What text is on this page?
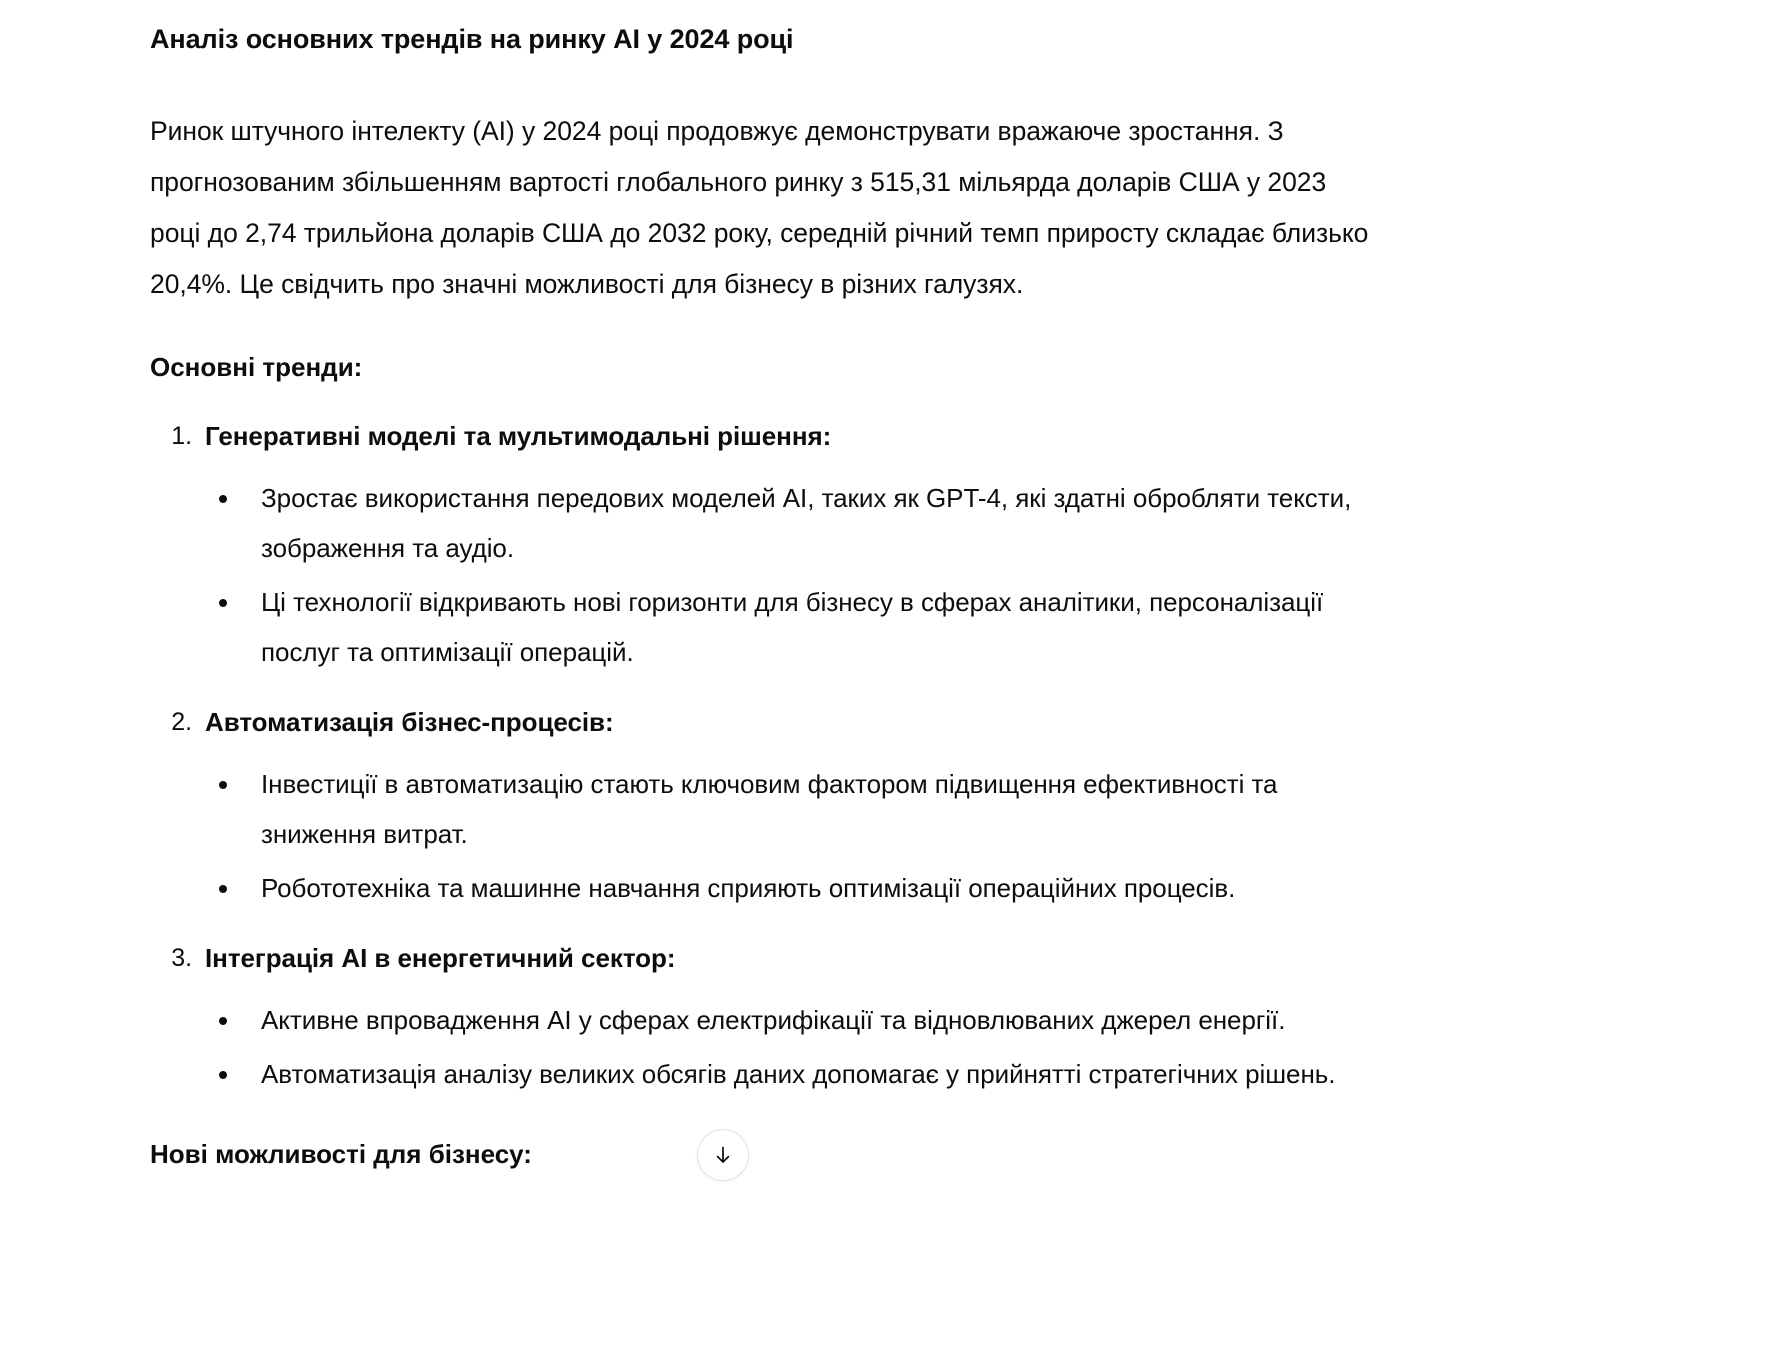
Аналіз основних трендів на ринку AI у 2024 році

Ринок штучного інтелекту (AI) у 2024 році продовжує демонструвати вражаюче зростання. З прогнозованим збільшенням вартості глобального ринку з 515,31 мільярда доларів США у 2023 році до 2,74 трильйона доларів США до 2032 року, середній річний темп приросту складає близько 20,4%. Це свідчить про значні можливості для бізнесу в різних галузях.

Основні тренди:
Генеративні моделі та мультимодальні рішення:
Зростає використання передових моделей AI, таких як GPT-4, які здатні обробляти тексти, зображення та аудіо.
Ці технології відкривають нові горизонти для бізнесу в сферах аналітики, персоналізації послуг та оптимізації операцій.
Автоматизація бізнес-процесів:
Інвестиції в автоматизацію стають ключовим фактором підвищення ефективності та зниження витрат.
Робототехніка та машинне навчання сприяють оптимізації операційних процесів.
Інтеграція AI в енергетичний сектор:
Активне впровадження AI у сферах електрифікації та відновлюваних джерел енергії.
Автоматизація аналізу великих обсягів даних допомагає у прийнятті стратегічних рішень.
Нові можливості для бізнесу:
